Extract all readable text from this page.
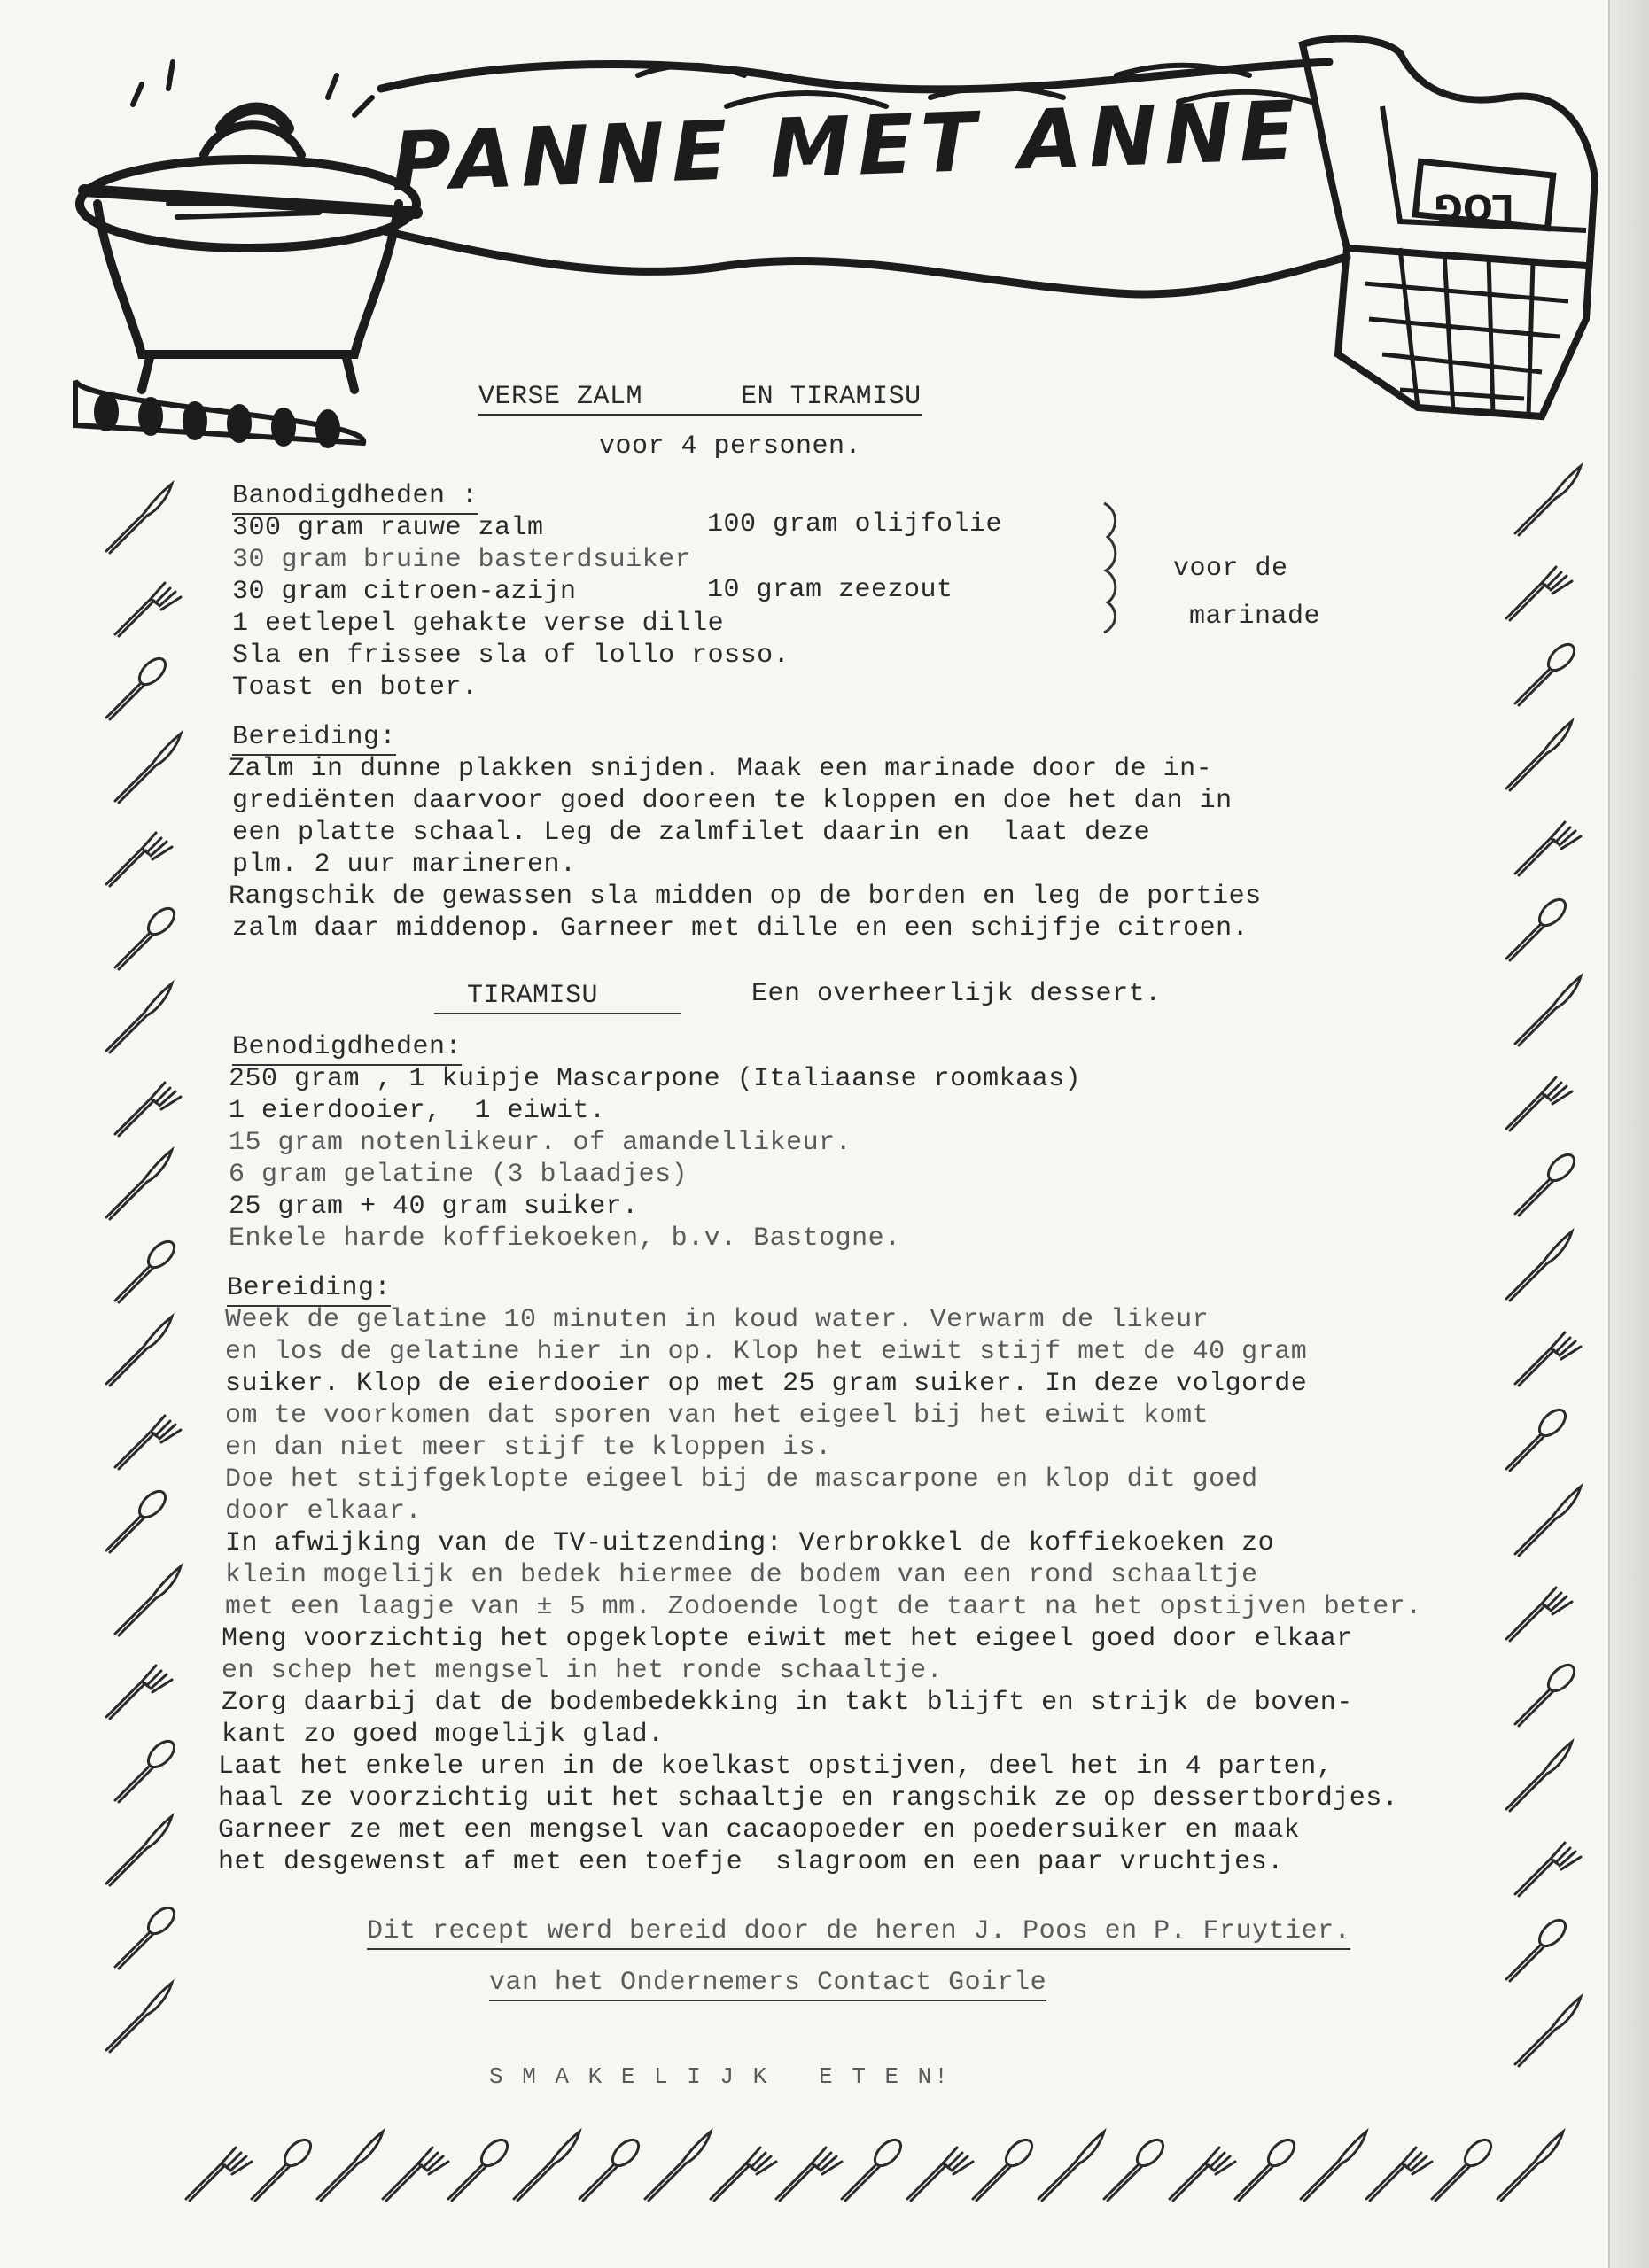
PANNE MET ANNE	LOG
VERSE ZALM	EN TIRAMISU
voor 4 personen.
Banodigdheden :
300 gram rauwe zalm	100 gram olijfolie
30 gram bruine basterdsuiker
30 gram citroen-azijn	10 gram zeezout
1 eetlepel gehakte verse dille
Sla en frissee sla of lollo rosso.
Toast en boter.
voor de
marinade
Bereiding:
Zalm in dunne plakken snijden. Maak een marinade door de in-
grediënten daarvoor goed dooreen te kloppen en doe het dan in
een platte schaal. Leg de zalmfilet daarin en  laat deze
plm. 2 uur marineren.
Rangschik de gewassen sla midden op de borden en leg de porties
zalm daar middenop. Garneer met dille en een schijfje citroen.
TIRAMISU	Een overheerlijk dessert.
Benodigdheden:
250 gram , 1 kuipje Mascarpone (Italiaanse roomkaas)
1 eierdooier,  1 eiwit.
15 gram notenlikeur. of amandellikeur.
6 gram gelatine (3 blaadjes)
25 gram + 40 gram suiker.
Enkele harde koffiekoeken, b.v. Bastogne.
Bereiding:
Week de gelatine 10 minuten in koud water. Verwarm de likeur
en los de gelatine hier in op. Klop het eiwit stijf met de 40 gram
suiker. Klop de eierdooier op met 25 gram suiker. In deze volgorde
om te voorkomen dat sporen van het eigeel bij het eiwit komt
en dan niet meer stijf te kloppen is.
Doe het stijfgeklopte eigeel bij de mascarpone en klop dit goed
door elkaar.
In afwijking van de TV-uitzending: Verbrokkel de koffiekoeken zo
klein mogelijk en bedek hiermee de bodem van een rond schaaltje
met een laagje van ± 5 mm. Zodoende logt de taart na het opstijven beter.
Meng voorzichtig het opgeklopte eiwit met het eigeel goed door elkaar
en schep het mengsel in het ronde schaaltje.
Zorg daarbij dat de bodembedekking in takt blijft en strijk de boven-
kant zo goed mogelijk glad.
Laat het enkele uren in de koelkast opstijven, deel het in 4 parten,
haal ze voorzichtig uit het schaaltje en rangschik ze op dessertbordjes.
Garneer ze met een mengsel van cacaopoeder en poedersuiker en maak
het desgewenst af met een toefje  slagroom en een paar vruchtjes.
Dit recept werd bereid door de heren J. Poos en P. Fruytier.
van het Ondernemers Contact Goirle
S M A K E L I J K   E T E N!
